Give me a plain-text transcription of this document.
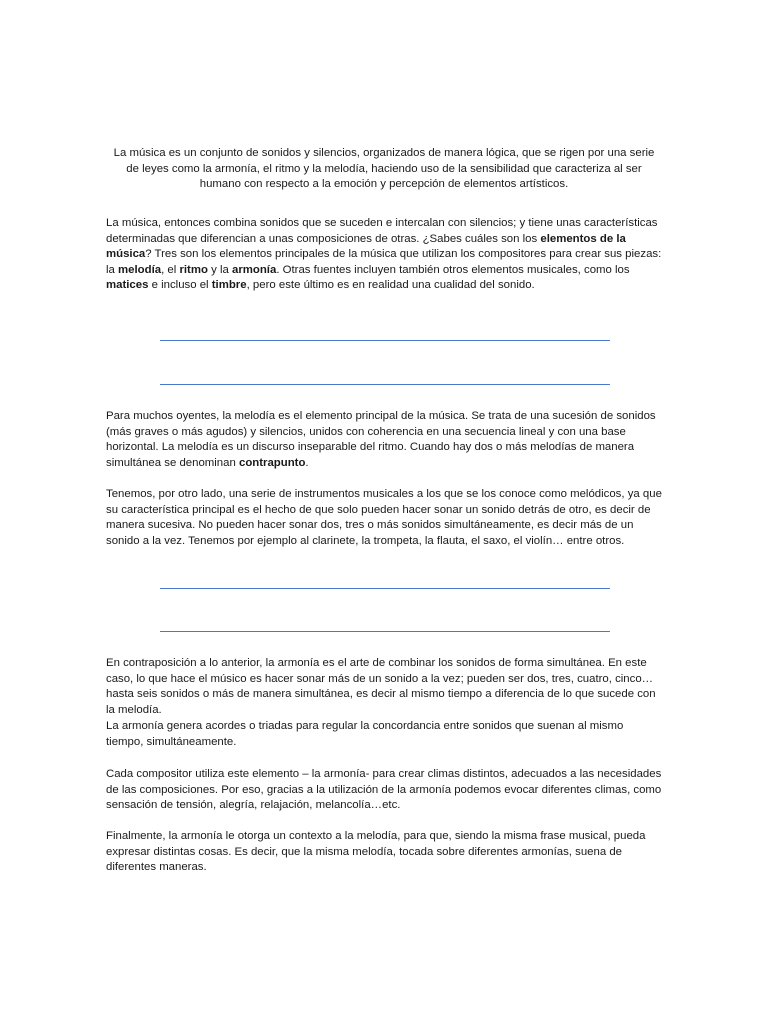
La música es un conjunto de sonidos y silencios, organizados de manera lógica, que se rigen por una serie de leyes como la armonía, el ritmo y la melodía, haciendo uso de la sensibilidad que caracteriza al ser humano con respecto a la emoción y percepción de elementos artísticos.

La música, entonces combina sonidos que se suceden e intercalan con silencios; y tiene unas características determinadas que diferencian a unas composiciones de otras. ¿Sabes cuáles son los elementos de la música? Tres son los elementos principales de la música que utilizan los compositores para crear sus piezas: la melodía, el ritmo y la armonía. Otras fuentes incluyen también otros elementos musicales, como los matices e incluso el timbre, pero este último es en realidad una cualidad del sonido.

Para muchos oyentes, la melodía es el elemento principal de la música. Se trata de una sucesión de sonidos (más graves o más agudos) y silencios, unidos con coherencia en una secuencia lineal y con una base horizontal. La melodía es un discurso inseparable del ritmo. Cuando hay dos o más melodías de manera simultánea se denominan contrapunto.

Tenemos, por otro lado, una serie de instrumentos musicales a los que se los conoce como melódicos, ya que su característica principal es el hecho de que solo pueden hacer sonar un sonido detrás de otro, es decir de manera sucesiva. No pueden hacer sonar dos, tres o más sonidos simultáneamente, es decir más de un sonido a la vez. Tenemos por ejemplo al clarinete, la trompeta, la flauta, el saxo, el violín… entre otros.

En contraposición a lo anterior, la armonía es el arte de combinar los sonidos de forma simultánea. En este caso, lo que hace el músico es hacer sonar más de un sonido a la vez; pueden ser dos, tres, cuatro, cinco… hasta seis sonidos o más de manera simultánea, es decir al mismo tiempo a diferencia de lo que sucede con la melodía.

La armonía genera acordes o triadas para regular la concordancia entre sonidos que suenan al mismo tiempo, simultáneamente.

Cada compositor utiliza este elemento – la armonía- para crear climas distintos, adecuados a las necesidades de las composiciones. Por eso, gracias a la utilización de la armonía podemos evocar diferentes climas, como sensación de tensión, alegría, relajación, melancolía…etc.

Finalmente, la armonía le otorga un contexto a la melodía, para que, siendo la misma frase musical, pueda expresar distintas cosas. Es decir, que la misma melodía, tocada sobre diferentes armonías, suena de diferentes maneras.
